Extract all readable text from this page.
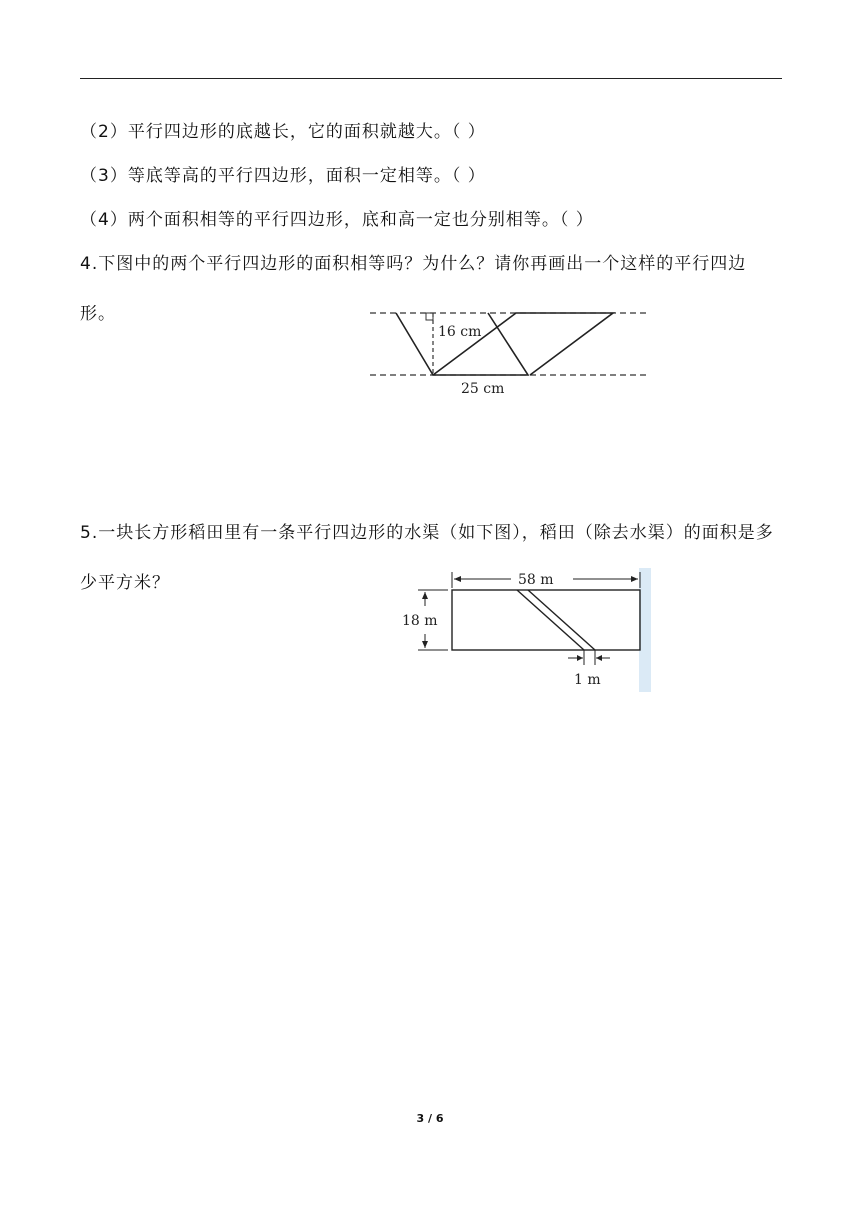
（2）平行四边形的底越长，它的面积就越大。（ ）
（3）等底等高的平行四边形，面积一定相等。（ ）
（4）两个面积相等的平行四边形，底和高一定也分别相等。（ ）
4.下图中的两个平行四边形的面积相等吗？为什么？请你再画出一个这样的平行四边形。
16 cm
25 cm
5.一块长方形稻田里有一条平行四边形的水渠（如下图），稻田（除去水渠）的面积是多少平方米？	58 m
18 m
1 m
3 / 6
